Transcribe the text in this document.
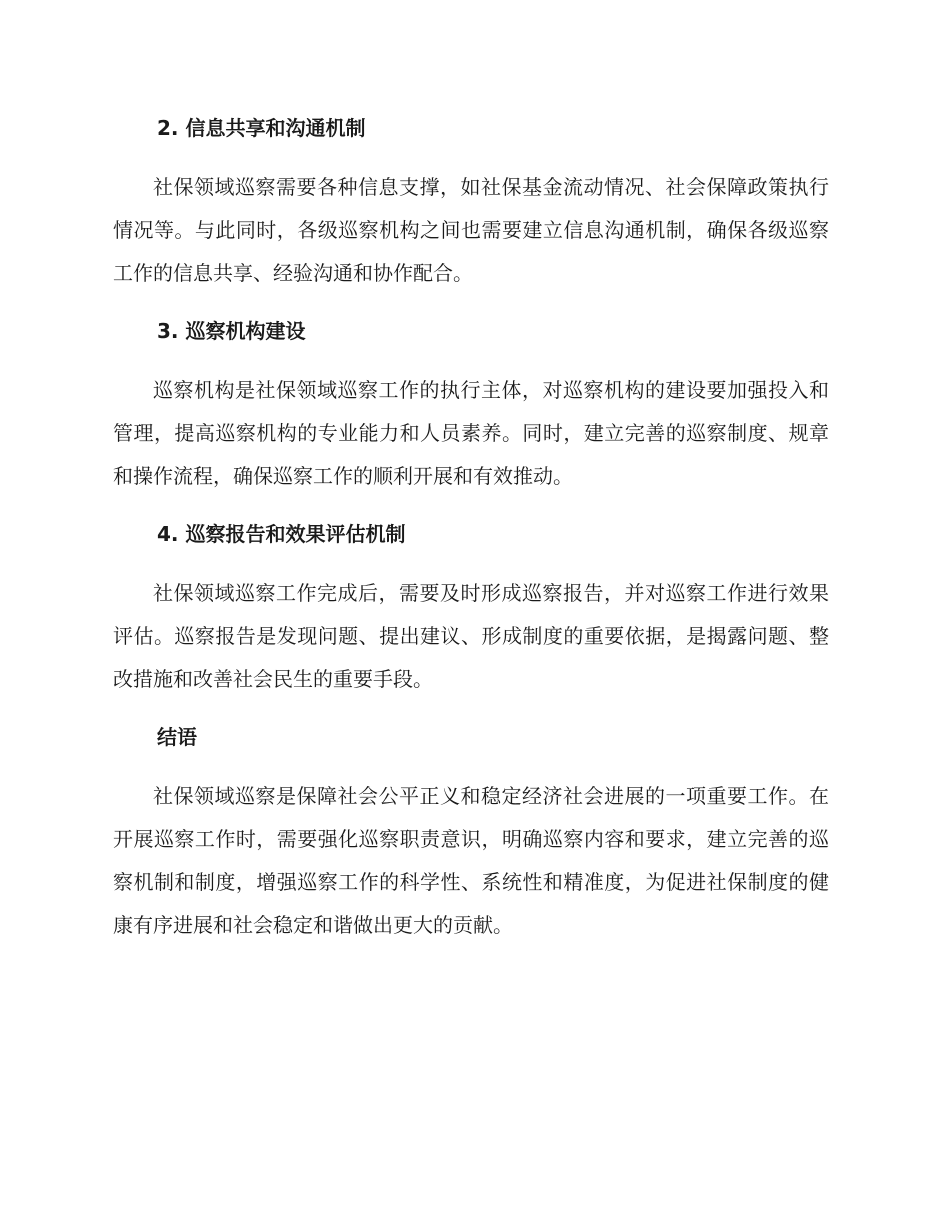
2. 信息共享和沟通机制

社保领域巡察需要各种信息支撑，如社保基金流动情况、社会保障政策执行情况等。与此同时，各级巡察机构之间也需要建立信息沟通机制，确保各级巡察工作的信息共享、经验沟通和协作配合。

3. 巡察机构建设

巡察机构是社保领域巡察工作的执行主体，对巡察机构的建设要加强投入和管理，提高巡察机构的专业能力和人员素养。同时，建立完善的巡察制度、规章和操作流程，确保巡察工作的顺利开展和有效推动。

4. 巡察报告和效果评估机制

社保领域巡察工作完成后，需要及时形成巡察报告，并对巡察工作进行效果评估。巡察报告是发现问题、提出建议、形成制度的重要依据，是揭露问题、整改措施和改善社会民生的重要手段。

结语

社保领域巡察是保障社会公平正义和稳定经济社会进展的一项重要工作。在开展巡察工作时，需要强化巡察职责意识，明确巡察内容和要求，建立完善的巡察机制和制度，增强巡察工作的科学性、系统性和精准度，为促进社保制度的健康有序进展和社会稳定和谐做出更大的贡献。
